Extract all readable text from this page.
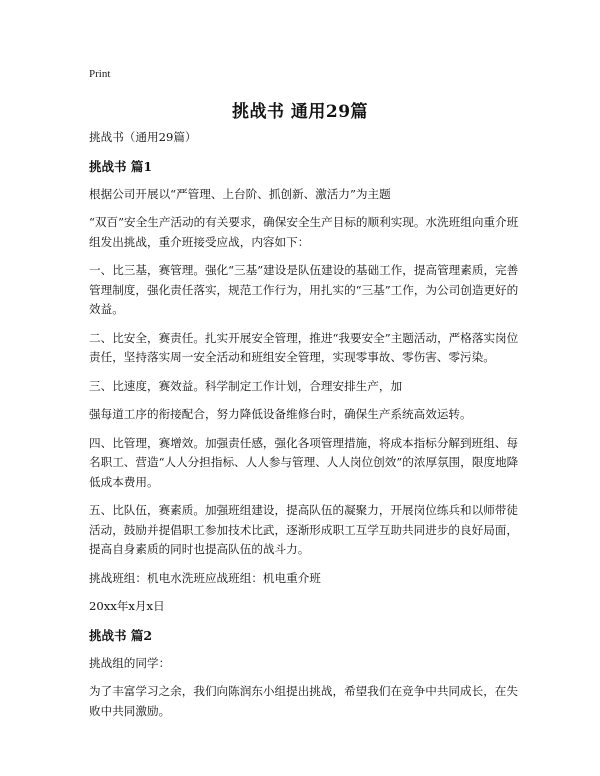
Print
挑战书 通用29篇
挑战书（通用29篇）
挑战书 篇1
根据公司开展以“严管理、上台阶、抓创新、激活力”为主题
“双百”安全生产活动的有关要求，确保安全生产目标的顺利实现。水洗班组向重介班组发出挑战，重介班接受应战，内容如下：
一、比三基，赛管理。强化“三基”建设是队伍建设的基础工作，提高管理素质，完善管理制度，强化责任落实，规范工作行为，用扎实的“三基”工作，为公司创造更好的效益。
二、比安全，赛责任。扎实开展安全管理，推进“我要安全”主题活动，严格落实岗位责任，坚持落实周一安全活动和班组安全管理，实现零事故、零伤害、零污染。
三、比速度，赛效益。科学制定工作计划，合理安排生产，加
强每道工序的衔接配合，努力降低设备维修台时，确保生产系统高效运转。
四、比管理，赛增效。加强责任感，强化各项管理措施，将成本指标分解到班组、每名职工、营造“人人分担指标、人人参与管理、人人岗位创效”的浓厚氛围，限度地降低成本费用。
五、比队伍，赛素质。加强班组建设，提高队伍的凝聚力，开展岗位练兵和以师带徒活动，鼓励并提倡职工参加技术比武，逐渐形成职工互学互助共同进步的良好局面，提高自身素质的同时也提高队伍的战斗力。
挑战班组：机电水洗班应战班组：机电重介班
20xx年x月x日
挑战书 篇2
挑战组的同学：
为了丰富学习之余，我们向陈润东小组提出挑战，希望我们在竞争中共同成长，在失败中共同激励。
